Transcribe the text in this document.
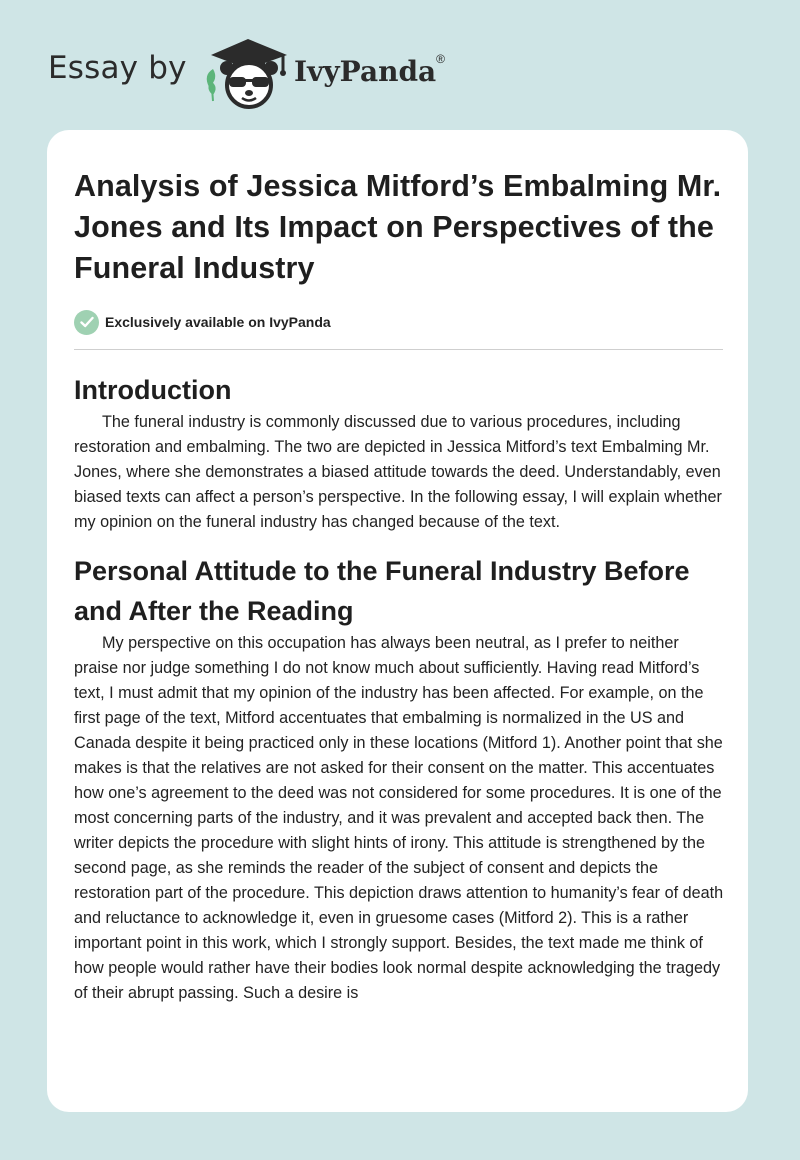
Essay by	IvyPanda®
Analysis of Jessica Mitford’s Embalming Mr. Jones and Its Impact on Perspectives of the Funeral Industry
Exclusively available on IvyPanda
Introduction

The funeral industry is commonly discussed due to various procedures, including restoration and embalming. The two are depicted in Jessica Mitford’s text Embalming Mr. Jones, where she demonstrates a biased attitude towards the deed. Understandably, even biased texts can affect a person’s perspective. In the following essay, I will explain whether my opinion on the funeral industry has changed because of the text.

Personal Attitude to the Funeral Industry Before and After the Reading

My perspective on this occupation has always been neutral, as I prefer to neither praise nor judge something I do not know much about sufficiently. Having read Mitford’s text, I must admit that my opinion of the industry has been affected. For example, on the first page of the text, Mitford accentuates that embalming is normalized in the US and Canada despite it being practiced only in these locations (Mitford 1). Another point that she makes is that the relatives are not asked for their consent on the matter. This accentuates how one’s agreement to the deed was not considered for some procedures. It is one of the most concerning parts of the industry, and it was prevalent and accepted back then. The writer depicts the procedure with slight hints of irony. This attitude is strengthened by the second page, as she reminds the reader of the subject of consent and depicts the restoration part of the procedure. This depiction draws attention to humanity’s fear of death and reluctance to acknowledge it, even in gruesome cases (Mitford 2). This is a rather important point in this work, which I strongly support. Besides, the text made me think of how people would rather have their bodies look normal despite acknowledging the tragedy of their abrupt passing. Such a desire is
